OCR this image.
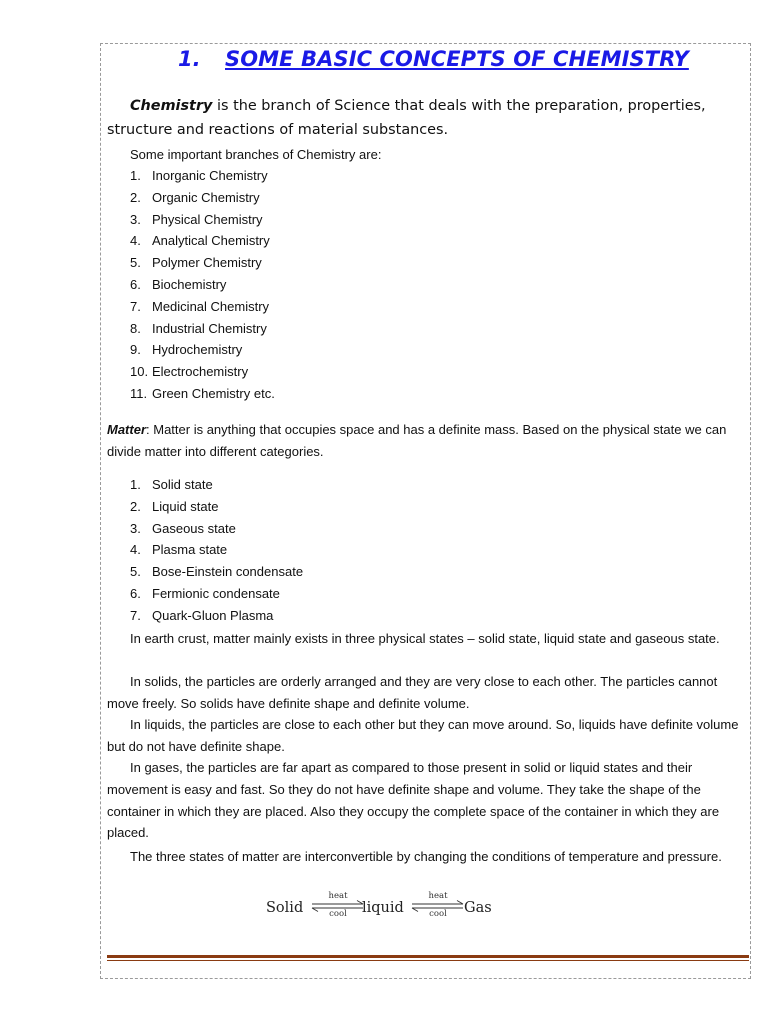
1. SOME BASIC CONCEPTS OF CHEMISTRY
Chemistry is the branch of Science that deals with the preparation, properties, structure and reactions of material substances.
Some important branches of Chemistry are:
1. Inorganic Chemistry
2. Organic Chemistry
3. Physical Chemistry
4. Analytical Chemistry
5. Polymer Chemistry
6. Biochemistry
7. Medicinal Chemistry
8. Industrial Chemistry
9. Hydrochemistry
10. Electrochemistry
11. Green Chemistry etc.
Matter: Matter is anything that occupies space and has a definite mass. Based on the physical state we can divide matter into different categories.
1. Solid state
2. Liquid state
3. Gaseous state
4. Plasma state
5. Bose-Einstein condensate
6. Fermionic condensate
7. Quark-Gluon Plasma
In earth crust, matter mainly exists in three physical states – solid state, liquid state and gaseous state.
In solids, the particles are orderly arranged and they are very close to each other. The particles cannot move freely. So solids have definite shape and definite volume.
In liquids, the particles are close to each other but they can move around. So, liquids have definite volume but do not have definite shape.
In gases, the particles are far apart as compared to those present in solid or liquid states and their movement is easy and fast. So they do not have definite shape and volume. They take the shape of the container in which they are placed. Also they occupy the complete space of the container in which they are placed.
The three states of matter are interconvertible by changing the conditions of temperature and pressure.
Solid
heat
cool	liquid
heat
cool	Gas
